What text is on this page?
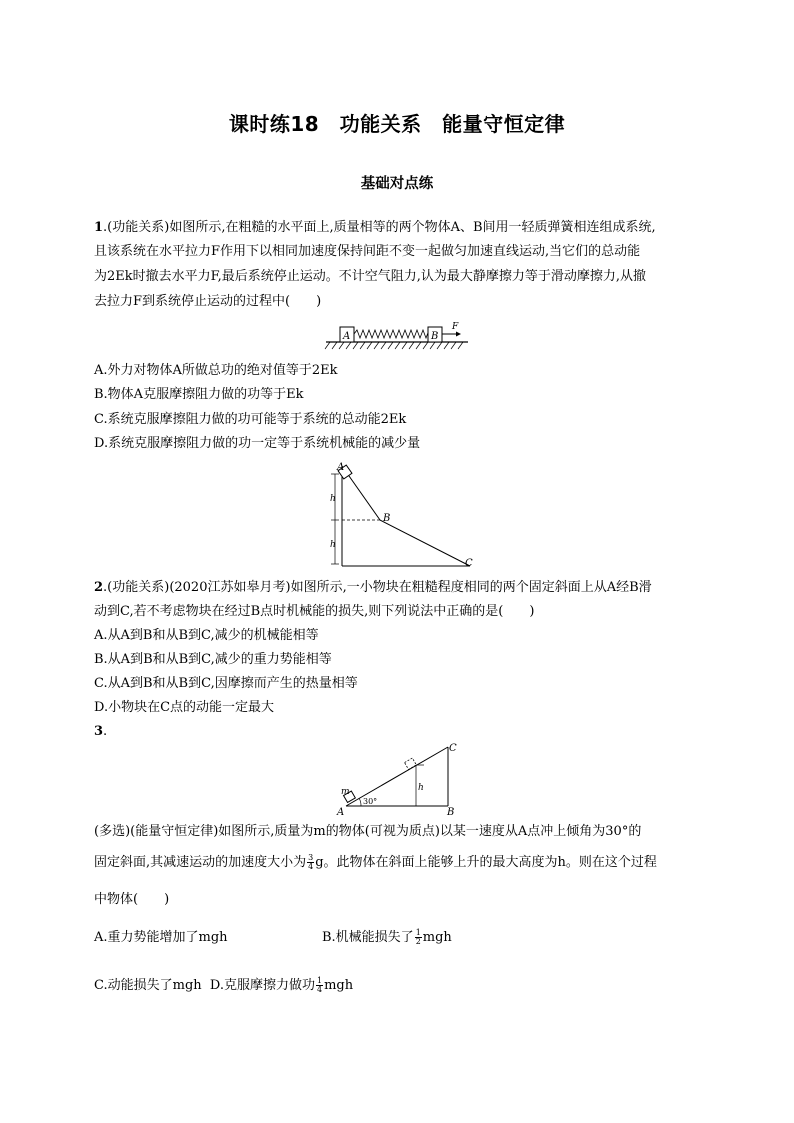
课时练18　功能关系　能量守恒定律
基础对点练
1.(功能关系)如图所示,在粗糙的水平面上,质量相等的两个物体A、B间用一轻质弹簧相连组成系统,
且该系统在水平拉力F作用下以相同加速度保持间距不变一起做匀加速直线运动,当它们的总动能
为2Ek时撤去水平力F,最后系统停止运动。不计空气阻力,认为最大静摩擦力等于滑动摩擦力,从撤
去拉力F到系统停止运动的过程中(　　)
A	B
F
A.外力对物体A所做总功的绝对值等于2Ek
B.物体A克服摩擦阻力做的功等于Ek
C.系统克服摩擦阻力做的功可能等于系统的总动能2Ek
D.系统克服摩擦阻力做的功一定等于系统机械能的减少量
A
h
h
B
C
2.(功能关系)(2020江苏如皋月考)如图所示,一小物块在粗糙程度相同的两个固定斜面上从A经B滑
动到C,若不考虑物块在经过B点时机械能的损失,则下列说法中正确的是(　　)
A.从A到B和从B到C,减少的机械能相等
B.从A到B和从B到C,减少的重力势能相等
C.从A到B和从B到C,因摩擦而产生的热量相等
D.小物块在C点的动能一定最大
3.
30°
m
A	B
C
h
(多选)(能量守恒定律)如图所示,质量为m的物体(可视为质点)以某一速度从A点冲上倾角为30°的
固定斜面,其减速运动的加速度大小为 $\frac{3}{4}$ g。此物体在斜面上能够上升的最大高度为h。则在这个过程
中物体(　　)
A.重力势能增加了mgh	B.机械能损失了 $\frac{1}{2}$ mgh
C.动能损失了mgh D.克服摩擦力做功 $\frac{1}{4}$ mgh
